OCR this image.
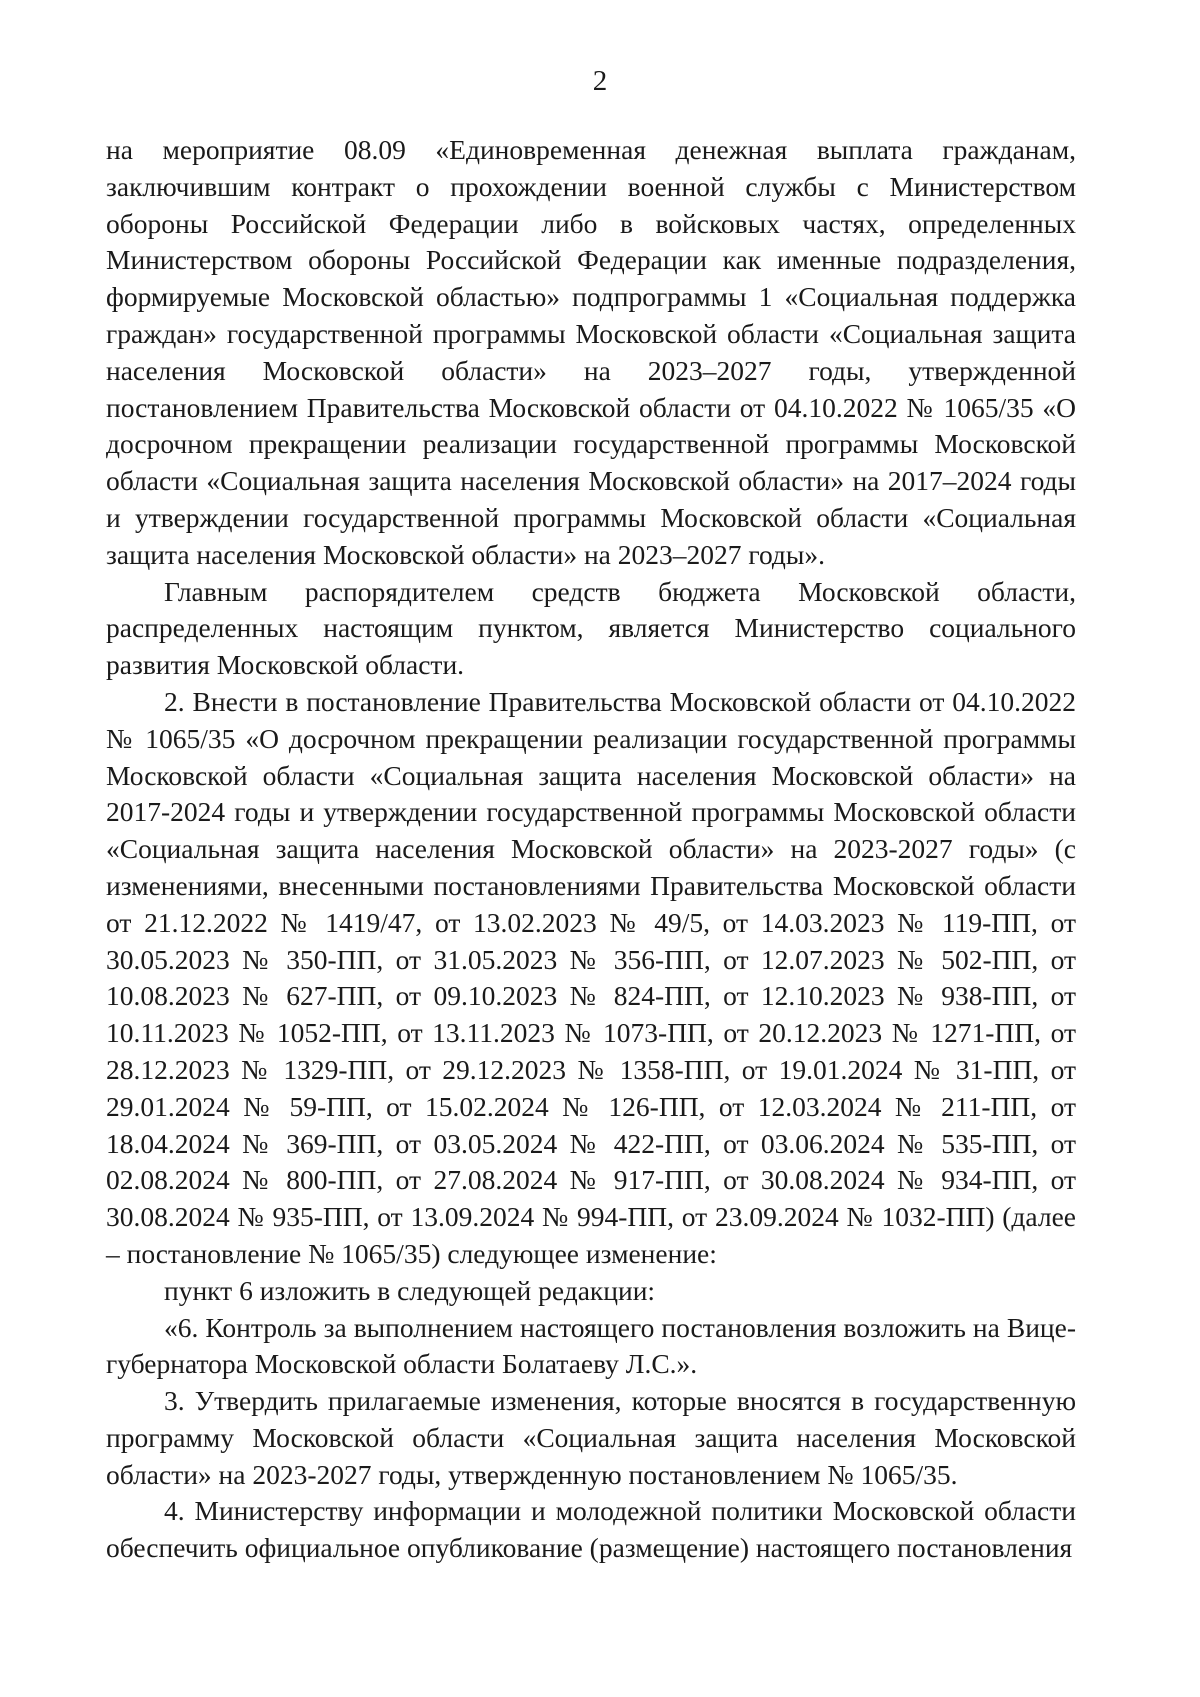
2

на мероприятие 08.09 «Единовременная денежная выплата гражданам, заключившим контракт о прохождении военной службы с Министерством обороны Российской Федерации либо в войсковых частях, определенных Министерством обороны Российской Федерации как именные подразделения, формируемые Московской областью» подпрограммы 1 «Социальная поддержка граждан» государственной программы Московской области «Социальная защита населения Московской области» на 2023–2027 годы, утвержденной постановлением Правительства Московской области от 04.10.2022 № 1065/35 «О досрочном прекращении реализации государственной программы Московской области «Социальная защита населения Московской области» на 2017–2024 годы и утверждении государственной программы Московской области «Социальная защита населения Московской области» на 2023–2027 годы».

Главным распорядителем средств бюджета Московской области, распределенных настоящим пунктом, является Министерство социального развития Московской области.

2. Внести в постановление Правительства Московской области от 04.10.2022 № 1065/35 «О досрочном прекращении реализации государственной программы Московской области «Социальная защита населения Московской области» на 2017-2024 годы и утверждении государственной программы Московской области «Социальная защита населения Московской области» на 2023-2027 годы» (с изменениями, внесенными постановлениями Правительства Московской области от 21.12.2022 № 1419/47, от 13.02.2023 № 49/5, от 14.03.2023 № 119-ПП, от 30.05.2023 № 350-ПП, от 31.05.2023 № 356-ПП, от 12.07.2023 № 502-ПП, от 10.08.2023 № 627-ПП, от 09.10.2023 № 824-ПП, от 12.10.2023 № 938-ПП, от 10.11.2023 № 1052-ПП, от 13.11.2023 № 1073-ПП, от 20.12.2023 № 1271-ПП, от 28.12.2023 № 1329-ПП, от 29.12.2023 № 1358-ПП, от 19.01.2024 № 31-ПП, от 29.01.2024 № 59-ПП, от 15.02.2024 № 126-ПП, от 12.03.2024 № 211-ПП, от 18.04.2024 № 369-ПП, от 03.05.2024 № 422-ПП, от 03.06.2024 № 535-ПП, от 02.08.2024 № 800-ПП, от 27.08.2024 № 917-ПП, от 30.08.2024 № 934-ПП, от 30.08.2024 № 935-ПП, от 13.09.2024 № 994-ПП, от 23.09.2024 № 1032-ПП) (далее – постановление № 1065/35) следующее изменение:

пункт 6 изложить в следующей редакции:

«6. Контроль за выполнением настоящего постановления возложить на Вице-губернатора Московской области Болатаеву Л.С.».

3. Утвердить прилагаемые изменения, которые вносятся в государственную программу Московской области «Социальная защита населения Московской области» на 2023-2027 годы, утвержденную постановлением № 1065/35.

4. Министерству информации и молодежной политики Московской области обеспечить официальное опубликование (размещение) настоящего постановления
